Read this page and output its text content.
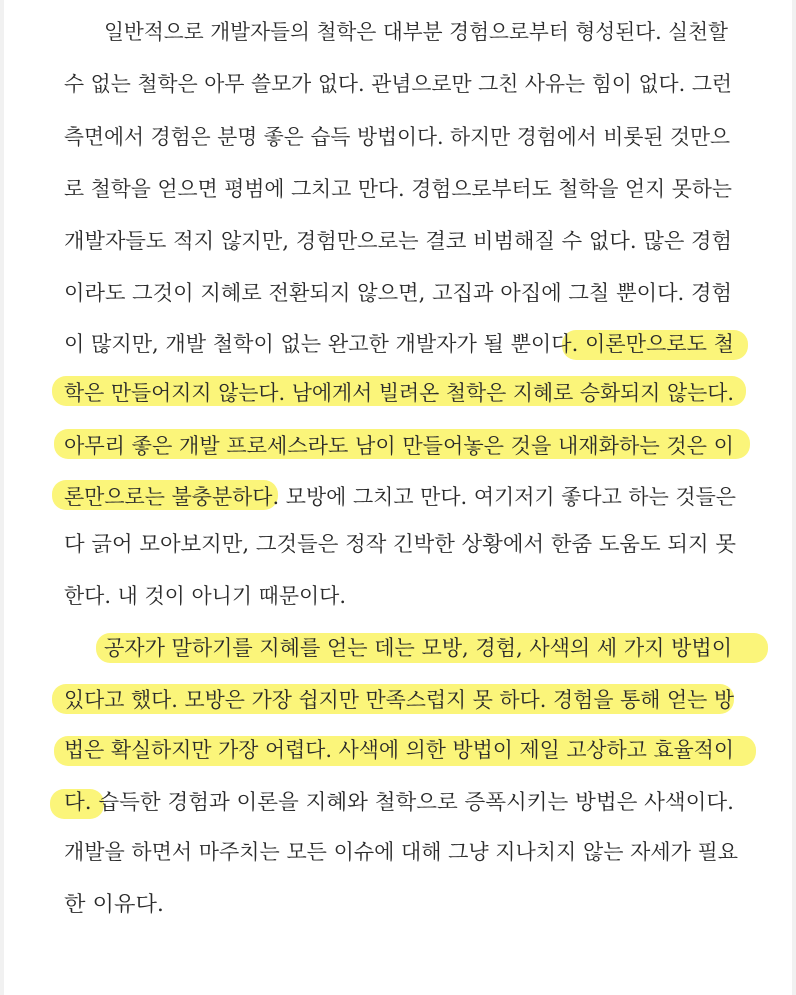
일반적으로 개발자들의 철학은 대부분 경험으로부터 형성된다. 실천할
수 없는 철학은 아무 쓸모가 없다. 관념으로만 그친 사유는 힘이 없다. 그런
측면에서 경험은 분명 좋은 습득 방법이다. 하지만 경험에서 비롯된 것만으
로 철학을 얻으면 평범에 그치고 만다. 경험으로부터도 철학을 얻지 못하는
개발자들도 적지 않지만, 경험만으로는 결코 비범해질 수 없다. 많은 경험
이라도 그것이 지혜로 전환되지 않으면, 고집과 아집에 그칠 뿐이다. 경험
이 많지만, 개발 철학이 없는 완고한 개발자가 될 뿐이다. 이론만으로도 철
학은 만들어지지 않는다. 남에게서 빌려온 철학은 지혜로 승화되지 않는다.
아무리 좋은 개발 프로세스라도 남이 만들어놓은 것을 내재화하는 것은 이
론만으로는 불충분하다. 모방에 그치고 만다. 여기저기 좋다고 하는 것들은
다 긁어 모아보지만, 그것들은 정작 긴박한 상황에서 한줌 도움도 되지 못
한다. 내 것이 아니기 때문이다.
공자가 말하기를 지혜를 얻는 데는 모방, 경험, 사색의 세 가지 방법이
있다고 했다. 모방은 가장 쉽지만 만족스럽지 못 하다. 경험을 통해 얻는 방
법은 확실하지만 가장 어렵다. 사색에 의한 방법이 제일 고상하고 효율적이
다. 습득한 경험과 이론을 지혜와 철학으로 증폭시키는 방법은 사색이다.
개발을 하면서 마주치는 모든 이슈에 대해 그냥 지나치지 않는 자세가 필요
한 이유다.
